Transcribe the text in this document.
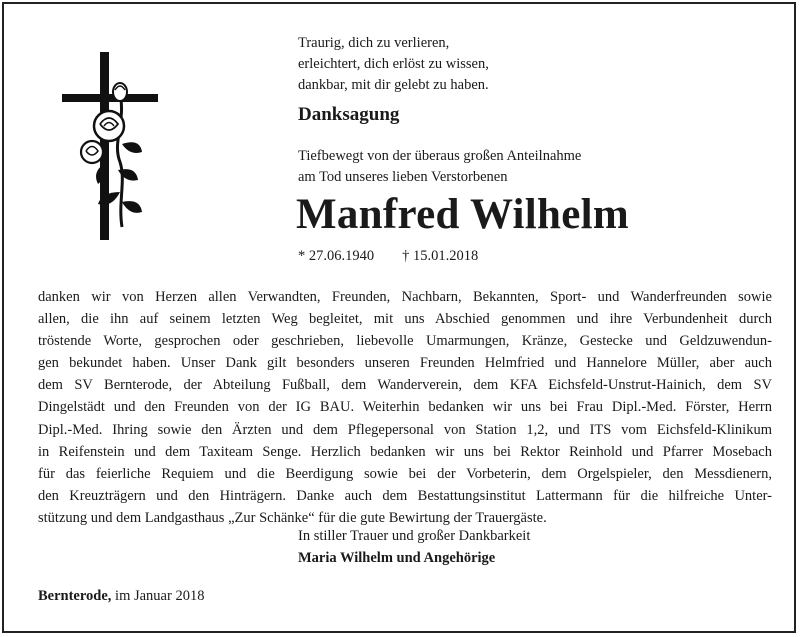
Traurig, dich zu verlieren,
erleichtert, dich erlöst zu wissen,
dankbar, mit dir gelebt zu haben.
Danksagung
Tiefbewegt von der überaus großen Anteilnahme
am Tod unseres lieben Verstorbenen
Manfred Wilhelm
* 27.06.1940 † 15.01.2018
danken wir von Herzen allen Verwandten, Freunden, Nachbarn, Bekannten, Sport- und Wanderfreunden sowie
allen, die ihn auf seinem letzten Weg begleitet, mit uns Abschied genommen und ihre Verbundenheit durch
tröstende Worte, gesprochen oder geschrieben, liebevolle Umarmungen, Kränze, Gestecke und Geldzuwendun-
gen bekundet haben. Unser Dank gilt besonders unseren Freunden Helmfried und Hannelore Müller, aber auch
dem SV Bernterode, der Abteilung Fußball, dem Wanderverein, dem KFA Eichsfeld-Unstrut-Hainich, dem SV
Dingelstädt und den Freunden von der IG BAU. Weiterhin bedanken wir uns bei Frau Dipl.-Med. Förster, Herrn
Dipl.-Med. Ihring sowie den Ärzten und dem Pflegepersonal von Station 1,2, und ITS vom Eichsfeld-Klinikum
in Reifenstein und dem Taxiteam Senge. Herzlich bedanken wir uns bei Rektor Reinhold und Pfarrer Mosebach
für das feierliche Requiem und die Beerdigung sowie bei der Vorbeterin, dem Orgelspieler, den Messdienern,
den Kreuzträgern und den Hinträgern. Danke auch dem Bestattungsinstitut Lattermann für die hilfreiche Unter-
stützung und dem Landgasthaus „Zur Schänke“ für die gute Bewirtung der Trauergäste.
In stiller Trauer und großer Dankbarkeit
Maria Wilhelm und Angehörige
Bernterode, im Januar 2018
